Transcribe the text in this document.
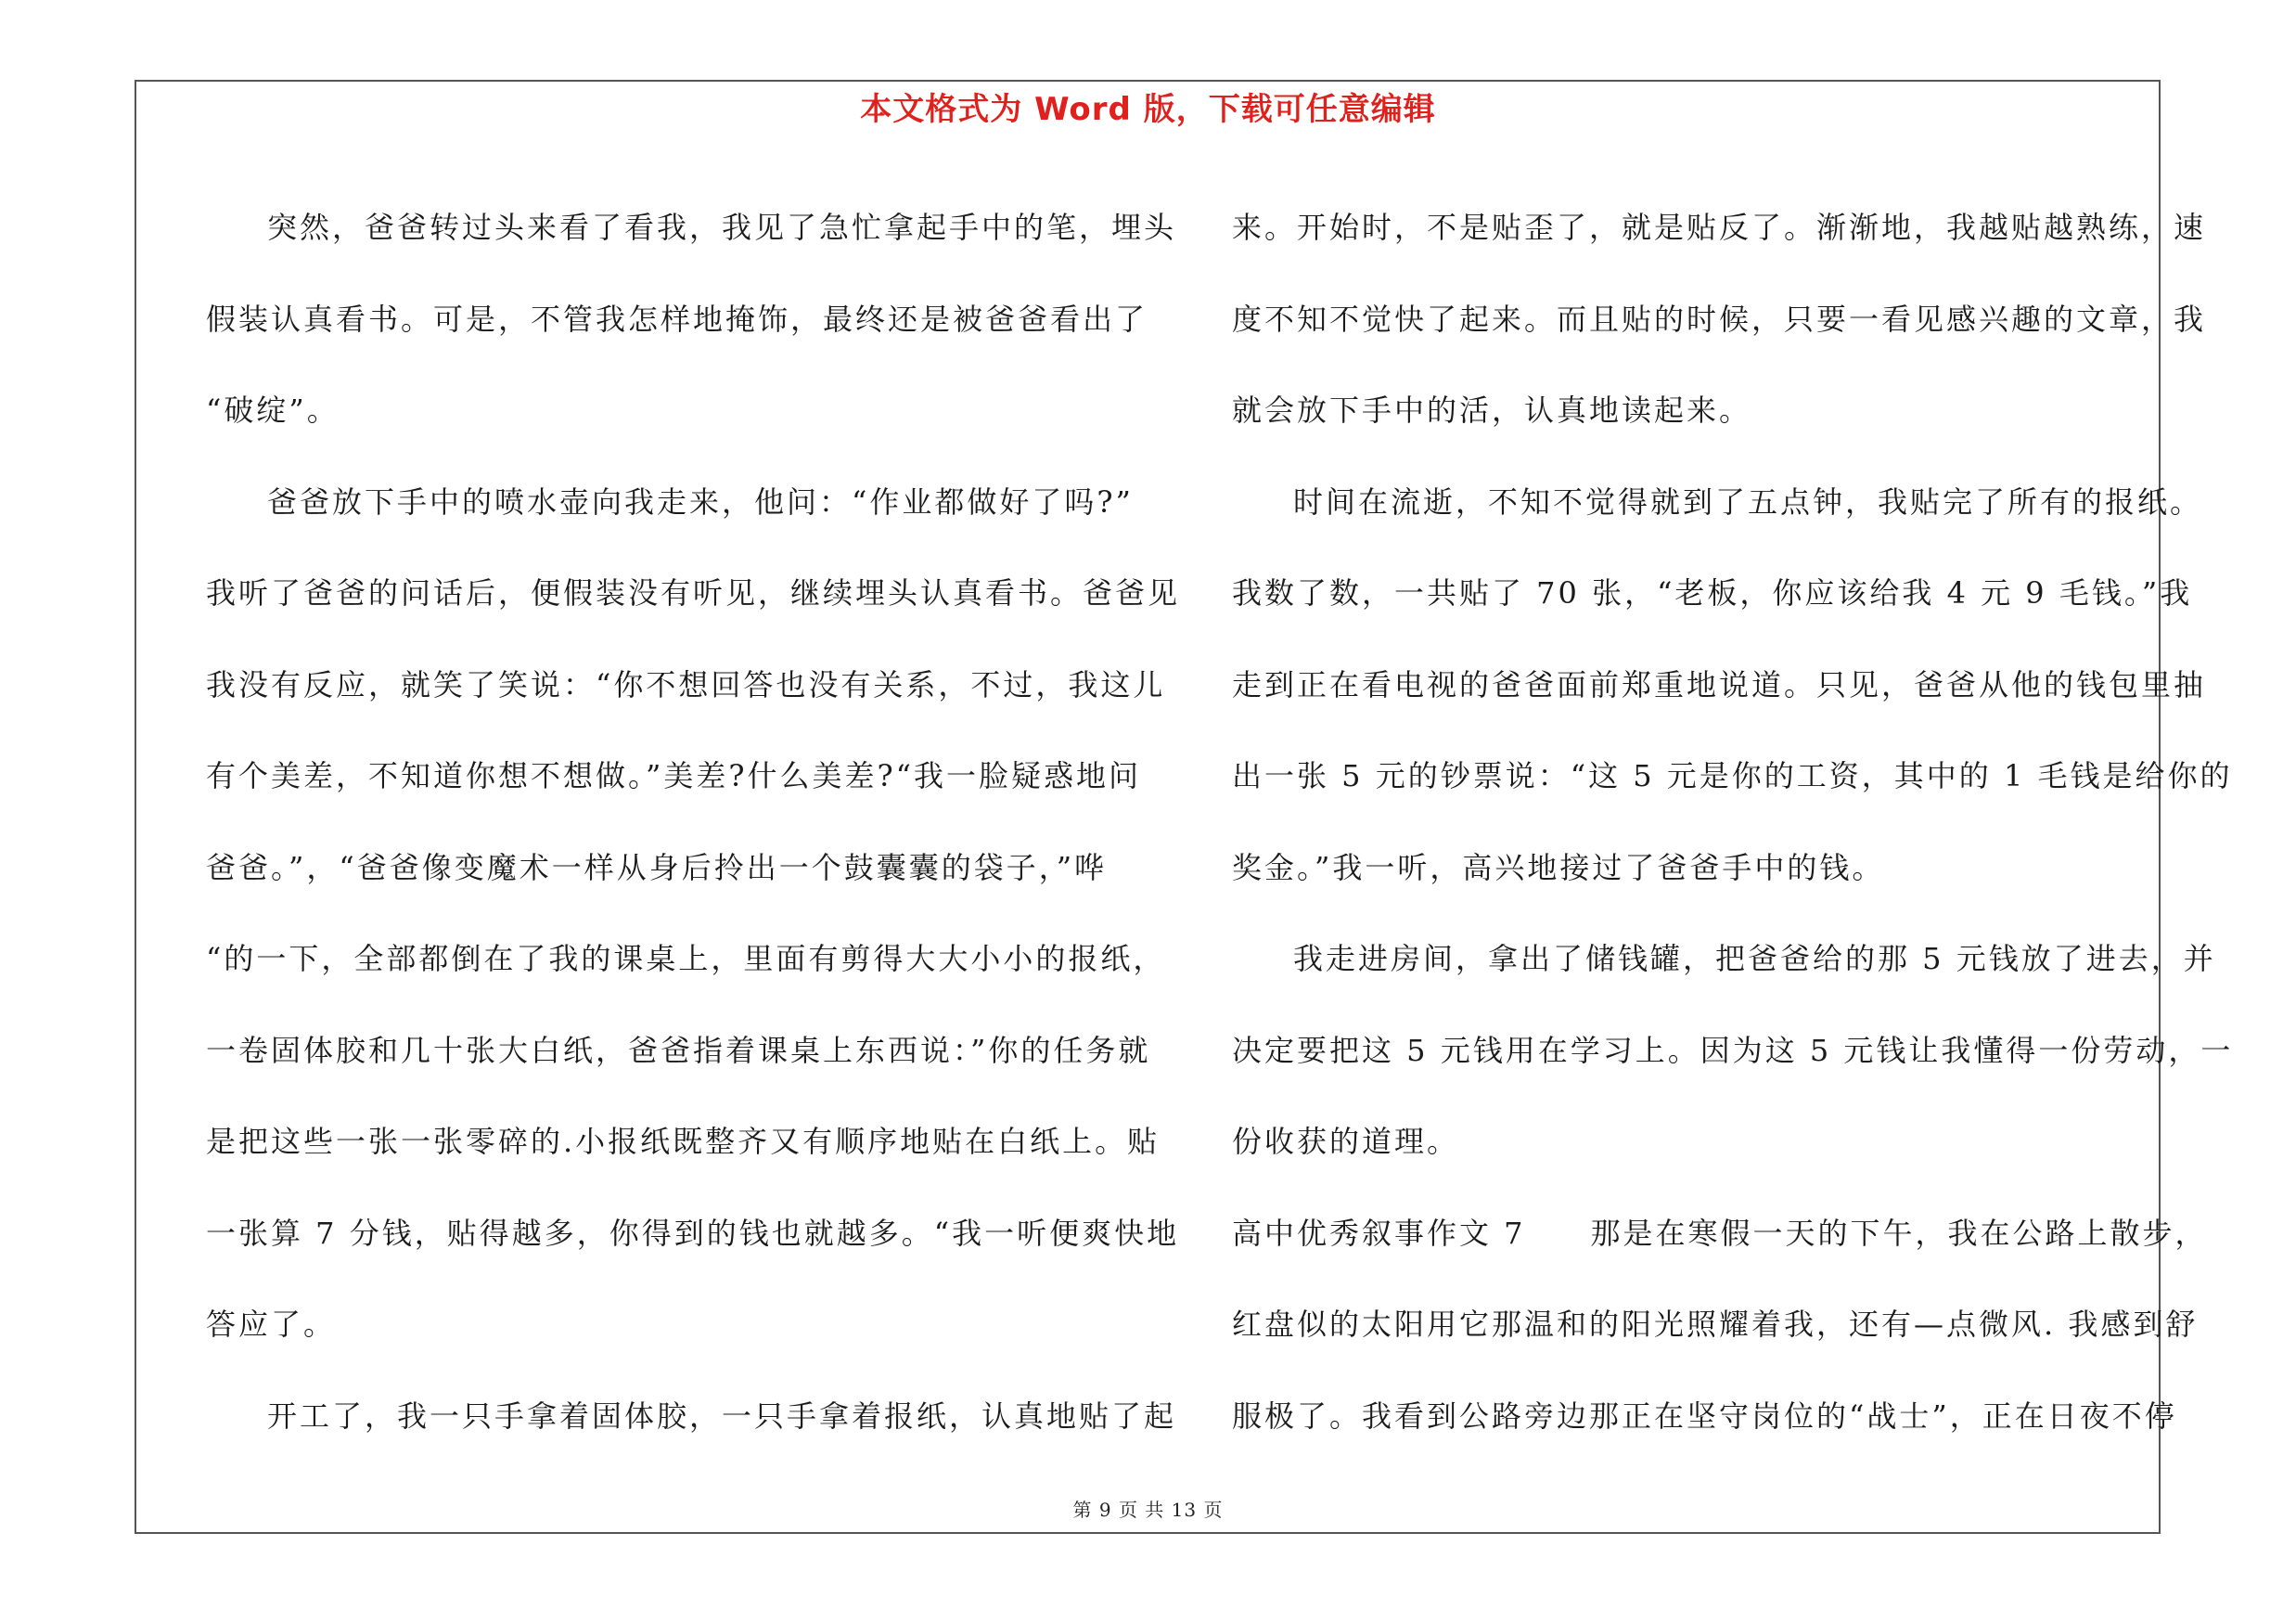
本文格式为 Word 版，下载可任意编辑
突然，爸爸转过头来看了看我，我见了急忙拿起手中的笔，埋头
假装认真看书。可是，不管我怎样地掩饰，最终还是被爸爸看出了
“破绽”。
爸爸放下手中的喷水壶向我走来，他问：“作业都做好了吗?”
我听了爸爸的问话后，便假装没有听见，继续埋头认真看书。爸爸见
我没有反应，就笑了笑说：“你不想回答也没有关系，不过，我这儿
有个美差，不知道你想不想做。”美差?什么美差?“我一脸疑惑地问
爸爸。”，“爸爸像变魔术一样从身后拎出一个鼓囊囊的袋子，”哗
“的一下，全部都倒在了我的课桌上，里面有剪得大大小小的报纸，
一卷固体胶和几十张大白纸，爸爸指着课桌上东西说：”你的任务就
是把这些一张一张零碎的.小报纸既整齐又有顺序地贴在白纸上。贴
一张算 7 分钱，贴得越多，你得到的钱也就越多。“我一听便爽快地
答应了。
开工了，我一只手拿着固体胶，一只手拿着报纸，认真地贴了起
来。开始时，不是贴歪了，就是贴反了。渐渐地，我越贴越熟练，速
度不知不觉快了起来。而且贴的时候，只要一看见感兴趣的文章，我
就会放下手中的活，认真地读起来。
时间在流逝，不知不觉得就到了五点钟，我贴完了所有的报纸。
我数了数，一共贴了 70 张，“老板，你应该给我 4 元 9 毛钱。”我
走到正在看电视的爸爸面前郑重地说道。只见，爸爸从他的钱包里抽
出一张 5 元的钞票说：“这 5 元是你的工资，其中的 1 毛钱是给你的
奖金。”我一听，高兴地接过了爸爸手中的钱。
我走进房间，拿出了储钱罐，把爸爸给的那 5 元钱放了进去，并
决定要把这 5 元钱用在学习上。因为这 5 元钱让我懂得一份劳动，一
份收获的道理。
高中优秀叙事作文 7　　那是在寒假一天的下午，我在公路上散步，
红盘似的太阳用它那温和的阳光照耀着我，还有—点微风. 我感到舒
服极了。我看到公路旁边那正在坚守岗位的“战士”，正在日夜不停
第 9 页 共 13 页
